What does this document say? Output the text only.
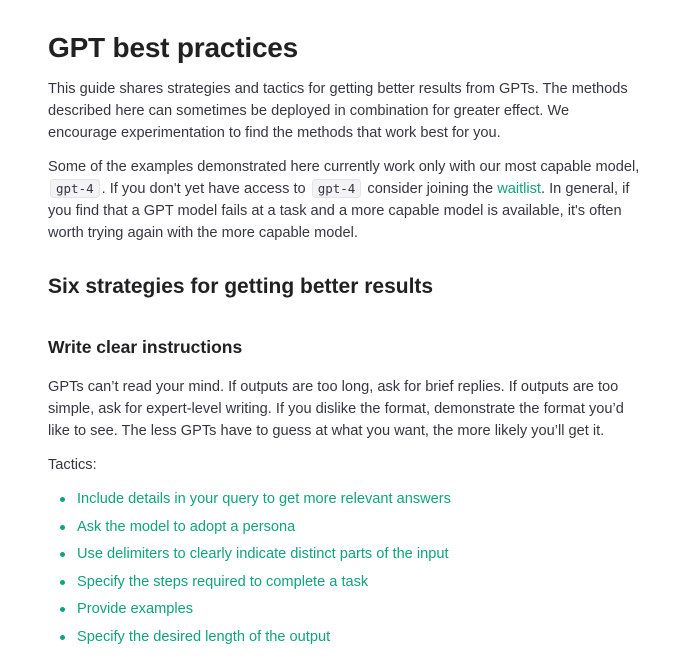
GPT best practices

This guide shares strategies and tactics for getting better results from GPTs. The methods described here can sometimes be deployed in combination for greater effect. We encourage experimentation to find the methods that work best for you.

Some of the examples demonstrated here currently work only with our most capable model, gpt-4 . If you don't yet have access to gpt-4 consider joining the waitlist. In general, if you find that a GPT model fails at a task and a more capable model is available, it's often worth trying again with the more capable model.

Six strategies for getting better results
Write clear instructions

GPTs can’t read your mind. If outputs are too long, ask for brief replies. If outputs are too simple, ask for expert-level writing. If you dislike the format, demonstrate the format you’d like to see. The less GPTs have to guess at what you want, the more likely you’ll get it.

Tactics:

Include details in your query to get more relevant answers
Ask the model to adopt a persona
Use delimiters to clearly indicate distinct parts of the input
Specify the steps required to complete a task
Provide examples
Specify the desired length of the output
